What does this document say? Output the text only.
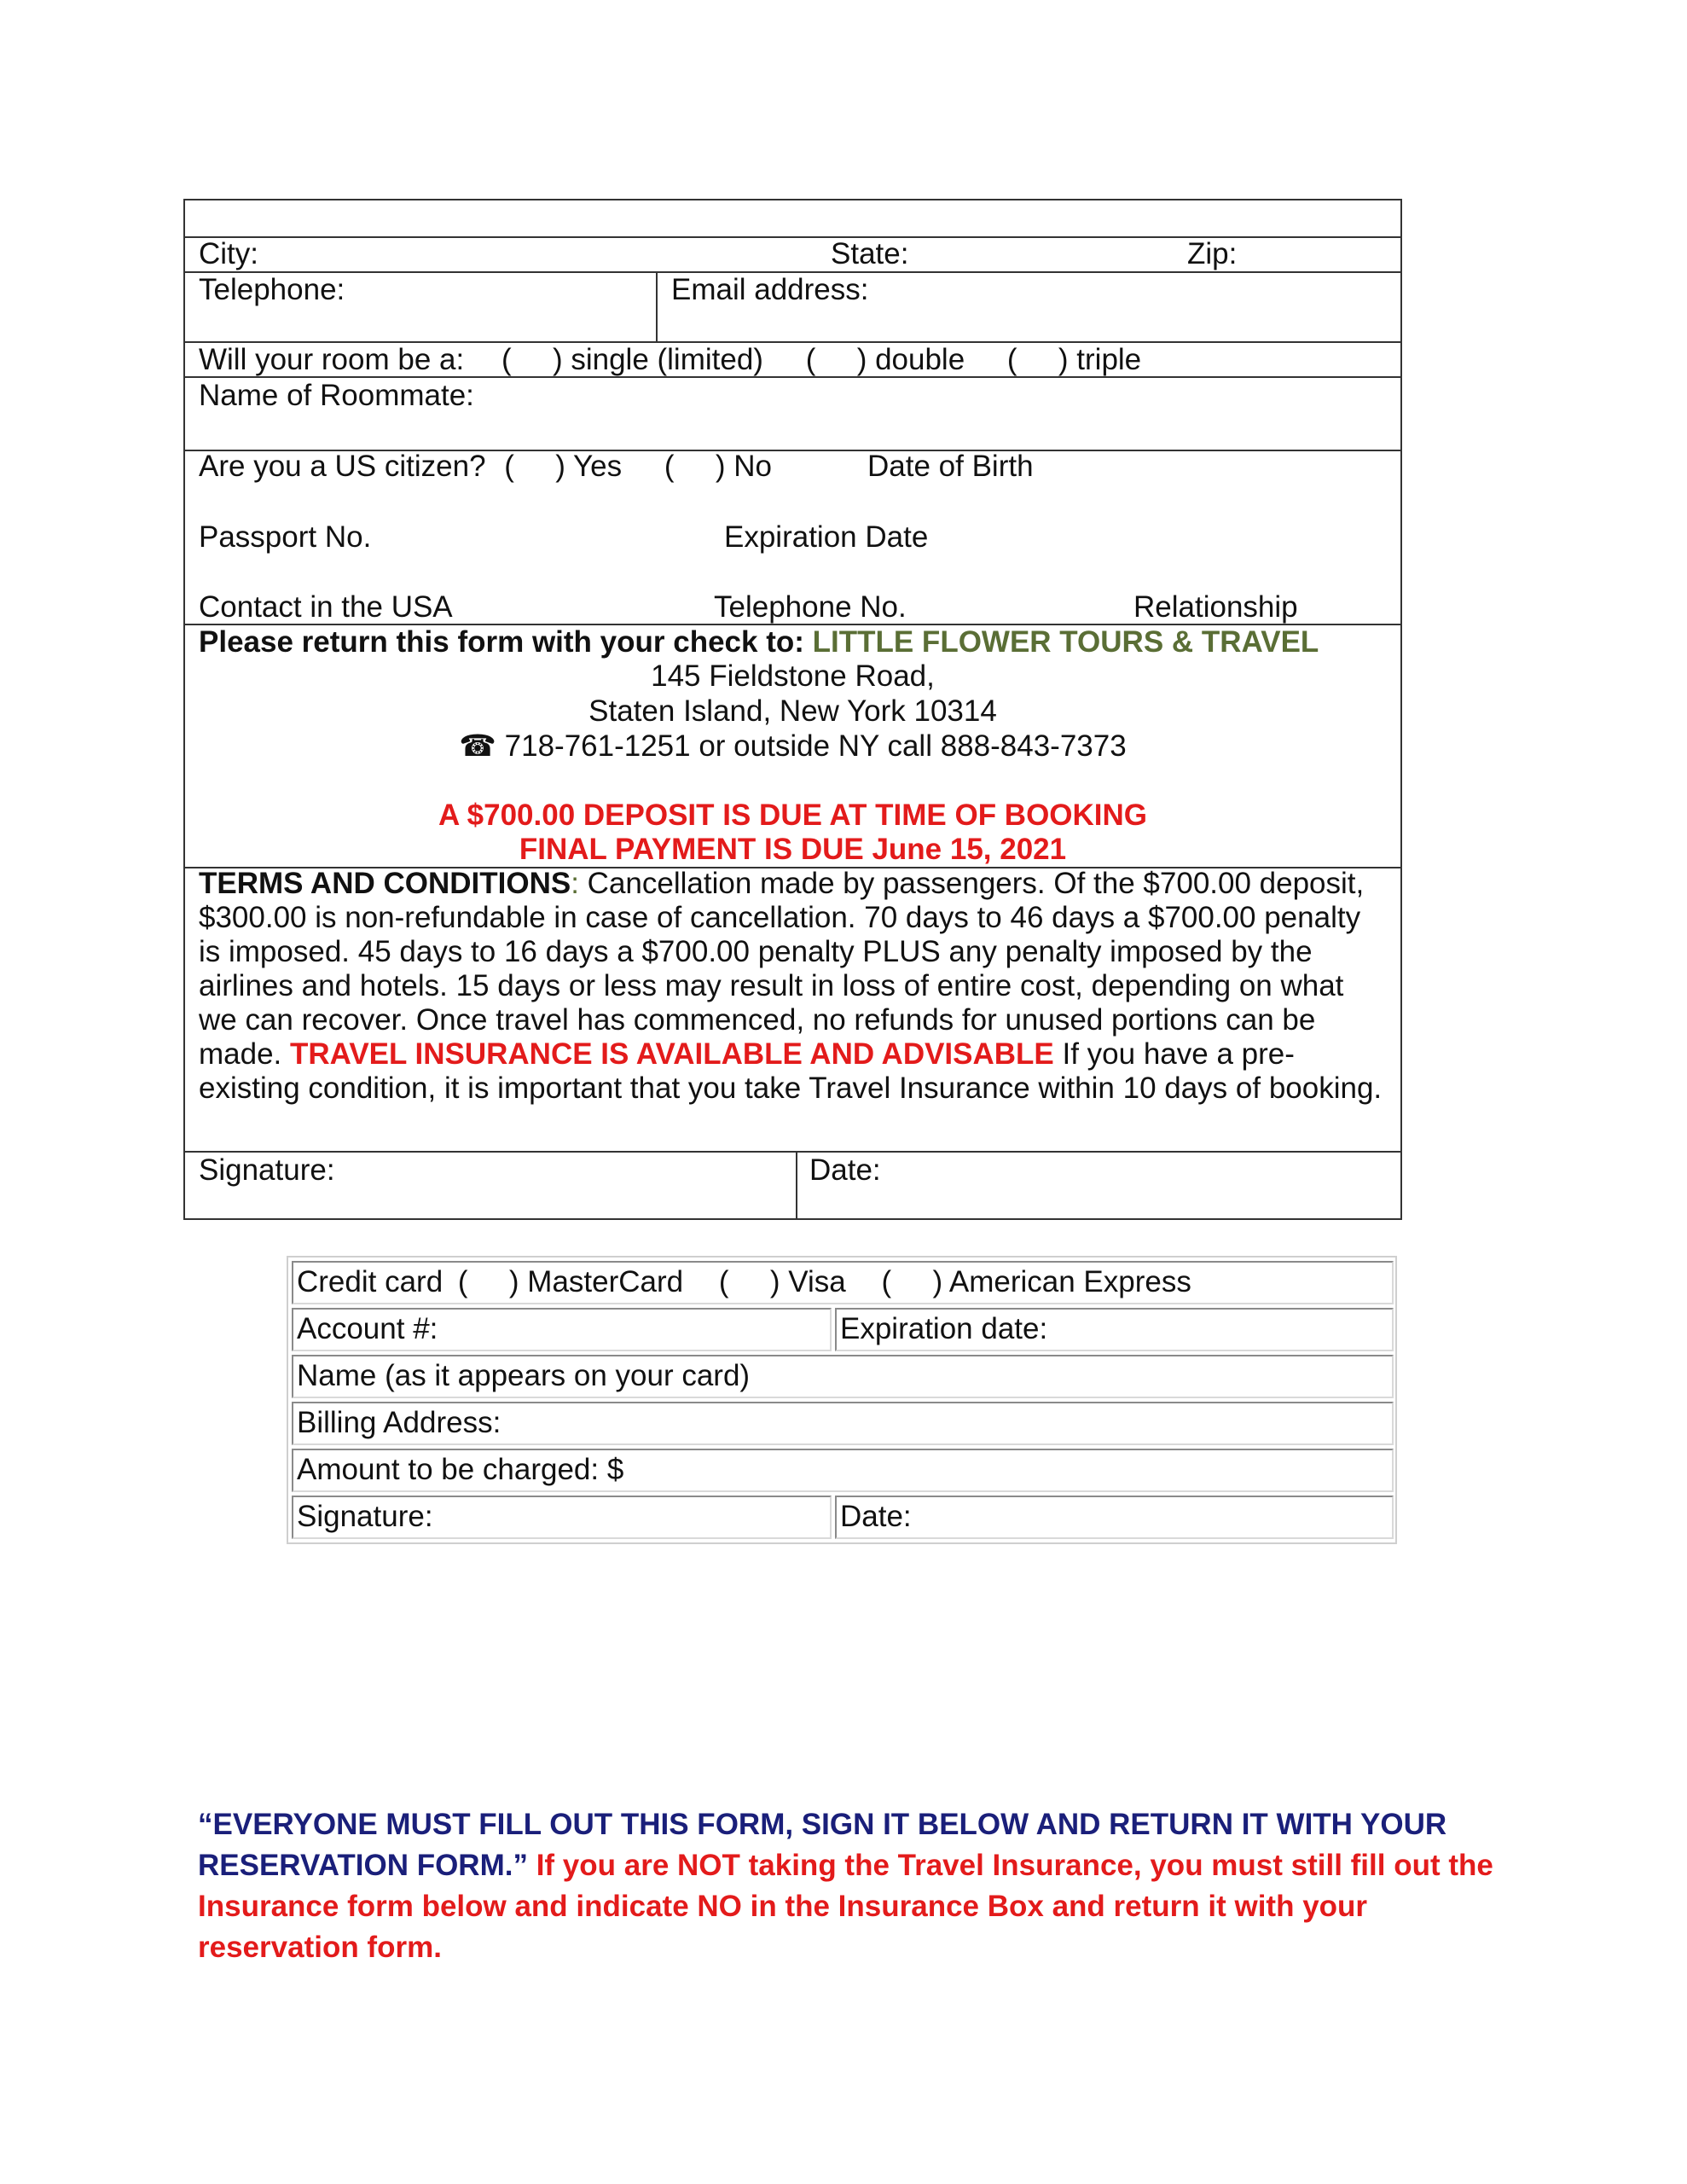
City:	State:	Zip:
Telephone:	Email address:
Will your room be a: ( ) single (limited) ( ) double ( ) triple
Name of Roommate:
Are you a US citizen? ( ) Yes ( ) No	Date of Birth
Passport No.	Expiration Date
Contact in the USA	Telephone No.	Relationship
Please return this form with your check to: LITTLE FLOWER TOURS & TRAVEL
145 Fieldstone Road,
Staten Island, New York 10314
☎ 718-761-1251 or outside NY call 888-843-7373
A $700.00 DEPOSIT IS DUE AT TIME OF BOOKING
FINAL PAYMENT IS DUE June 15, 2021
TERMS AND CONDITIONS: Cancellation made by passengers. Of the $700.00 deposit, $300.00 is non-refundable in case of cancellation. 70 days to 46 days a $700.00 penalty is imposed. 45 days to 16 days a $700.00 penalty PLUS any penalty imposed by the airlines and hotels. 15 days or less may result in loss of entire cost, depending on what we can recover. Once travel has commenced, no refunds for unused portions can be made. TRAVEL INSURANCE IS AVAILABLE AND ADVISABLE If you have a pre-existing condition, it is important that you take Travel Insurance within 10 days of booking.
Signature:	Date:
Credit card ( ) MasterCard ( ) Visa ( ) American Express
Account #:	Expiration date:
Name (as it appears on your card)
Billing Address:
Amount to be charged: $
Signature:	Date:
“EVERYONE MUST FILL OUT THIS FORM, SIGN IT BELOW AND RETURN IT WITH YOUR RESERVATION FORM.” If you are NOT taking the Travel Insurance, you must still fill out the Insurance form below and indicate NO in the Insurance Box and return it with your reservation form.
